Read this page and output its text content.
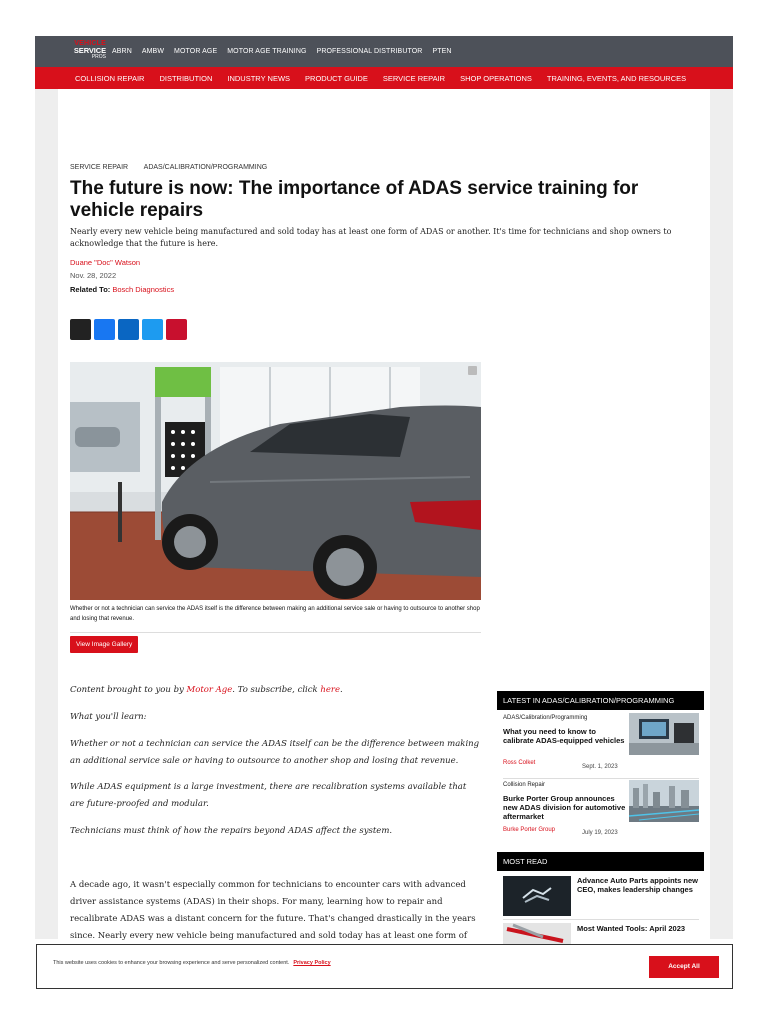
VEHICLE
SERVICE
PROS
ABRN AMBW MOTOR AGE MOTOR AGE TRAINING PROFESSIONAL DISTRIBUTOR PTEN
COLLISION REPAIR DISTRIBUTION INDUSTRY NEWS PRODUCT GUIDE SERVICE REPAIR SHOP OPERATIONS TRAINING, EVENTS, AND RESOURCES
SERVICE REPAIR ADAS/CALIBRATION/PROGRAMMING
The future is now: The importance of ADAS service training for vehicle repairs

Nearly every new vehicle being manufactured and sold today has at least one form of ADAS or another. It's time for technicians and shop owners to acknowledge that the future is here.

Duane "Doc" Watson
Nov. 28, 2022
Related To: Bosch Diagnostics
Whether or not a technician can service the ADAS itself is the difference between making an additional service sale or having to outsource to another shop and losing that revenue.
View Image Gallery

Content brought to you by Motor Age. To subscribe, click here.

What you'll learn:

Whether or not a technician can service the ADAS itself can be the difference between making an additional service sale or having to outsource to another shop and losing that revenue.

While ADAS equipment is a large investment, there are recalibration systems available that are future-proofed and modular.

Technicians must think of how the repairs beyond ADAS affect the system.

A decade ago, it wasn't especially common for technicians to encounter cars with advanced driver assistance systems (ADAS) in their shops. For many, learning how to repair and recalibrate ADAS was a distant concern for the future. That's changed drastically in the years since. Nearly every new vehicle being manufactured and sold today has at least one form of

LATEST IN ADAS/CALIBRATION/PROGRAMMING
ADAS/Calibration/Programming
What you need to know to calibrate ADAS-equipped vehicles
Ross Colket
Sept. 1, 2023
Collision Repair
Burke Porter Group announces new ADAS division for automotive aftermarket
Burke Porter Group	July 19, 2023
MOST READ
Advance Auto Parts appoints new CEO, makes leadership changes
Most Wanted Tools: April 2023
This website uses cookies to enhance your browsing experience and serve personalized content. Privacy Policy	Accept All
